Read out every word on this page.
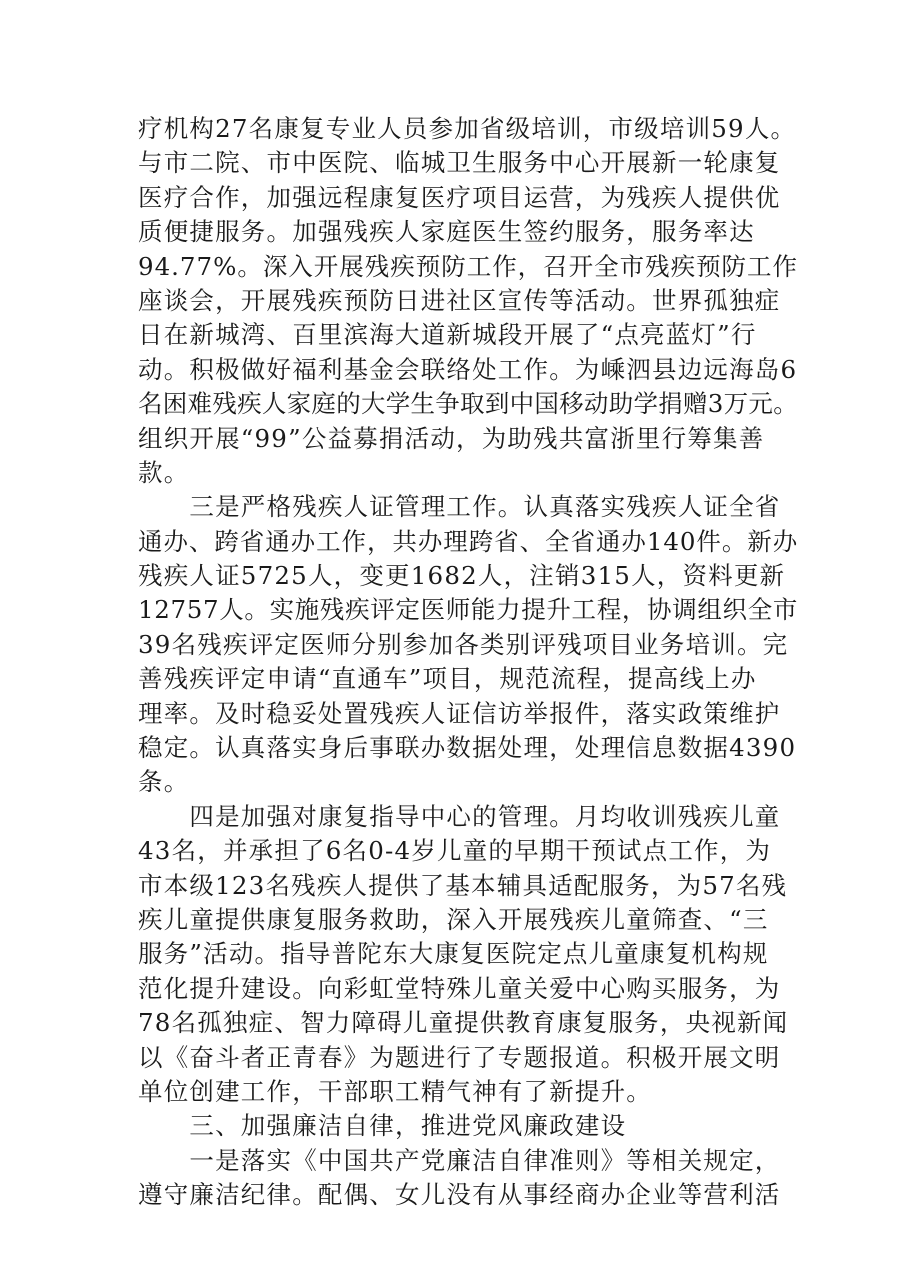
疗机构27名康复专业人员参加省级培训，市级培训59人。
与市二院、市中医院、临城卫生服务中心开展新一轮康复
医疗合作，加强远程康复医疗项目运营，为残疾人提供优
质便捷服务。加强残疾人家庭医生签约服务，服务率达
94.77%。深入开展残疾预防工作，召开全市残疾预防工作
座谈会，开展残疾预防日进社区宣传等活动。世界孤独症
日在新城湾、百里滨海大道新城段开展了“点亮蓝灯”行
动。积极做好福利基金会联络处工作。为嵊泗县边远海岛6
名困难残疾人家庭的大学生争取到中国移动助学捐赠3万元。
组织开展“99”公益募捐活动，为助残共富浙里行筹集善
款。
　　三是严格残疾人证管理工作。认真落实残疾人证全省
通办、跨省通办工作，共办理跨省、全省通办140件。新办
残疾人证5725人，变更1682人，注销315人，资料更新
12757人。实施残疾评定医师能力提升工程，协调组织全市
39名残疾评定医师分别参加各类别评残项目业务培训。完
善残疾评定申请“直通车”项目，规范流程，提高线上办
理率。及时稳妥处置残疾人证信访举报件，落实政策维护
稳定。认真落实身后事联办数据处理，处理信息数据4390
条。
　　四是加强对康复指导中心的管理。月均收训残疾儿童
43名，并承担了6名0-4岁儿童的早期干预试点工作，为
市本级123名残疾人提供了基本辅具适配服务，为57名残
疾儿童提供康复服务救助，深入开展残疾儿童筛查、“三
服务”活动。指导普陀东大康复医院定点儿童康复机构规
范化提升建设。向彩虹堂特殊儿童关爱中心购买服务，为
78名孤独症、智力障碍儿童提供教育康复服务，央视新闻
以《奋斗者正青春》为题进行了专题报道。积极开展文明
单位创建工作，干部职工精气神有了新提升。
　　三、加强廉洁自律，推进党风廉政建设
　　一是落实《中国共产党廉洁自律准则》等相关规定，
遵守廉洁纪律。配偶、女儿没有从事经商办企业等营利活
